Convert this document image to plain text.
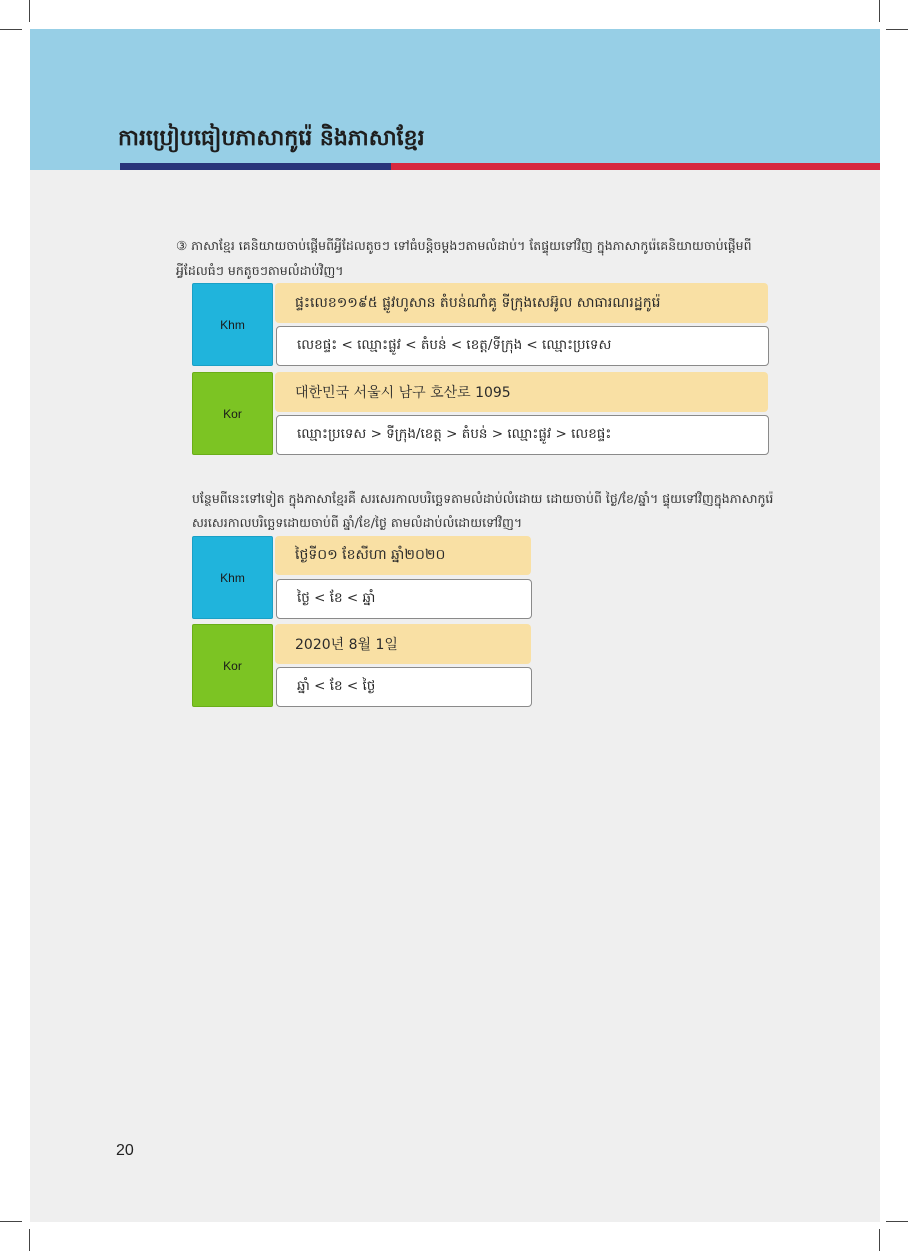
ការប្រៀបធៀបភាសាកូរ៉េ និងភាសាខ្មែរ
③ ភាសាខ្មែរ គេនិយាយចាប់ផ្ដើមពីអ្វីដែលតូចៗ ទៅធំបន្តិចម្ដងៗតាមលំដាប់។ តែផ្ទុយទៅវិញ ក្នុងភាសាកូរ៉េគេនិយាយចាប់ផ្ដើមពី
អ្វីដែលធំៗ មកតូចៗតាមលំដាប់វិញ។
Khm
ផ្ទះលេខ១១៩៥ ផ្លូវហូសាន តំបន់ណាំគូ ទីក្រុងសេអ៊ូល សាធារណរដ្ឋកូរ៉េ
លេខផ្ទះ < ឈ្មោះផ្លូវ < តំបន់ < ខេត្ត/ទីក្រុង < ឈ្មោះប្រទេស
Kor
대한민국 서울시 남구 호산로 1095
ឈ្មោះប្រទេស > ទីក្រុង/ខេត្ត > តំបន់ > ឈ្មោះផ្លូវ > លេខផ្ទះ
បន្ថែមពីនេះទៅទៀត ក្នុងភាសាខ្មែរគឺ សរសេរកាលបរិច្ឆេទតាមលំដាប់លំដោយ ដោយចាប់ពី ថ្ងៃ/ខែ/ឆ្នាំ។ ផ្ទុយទៅវិញក្នុងភាសាកូរ៉េ
សរសេរកាលបរិច្ឆេទដោយចាប់ពី ឆ្នាំ/ខែ/ថ្ងៃ តាមលំដាប់លំដោយទៅវិញ។
Khm
ថ្ងៃទី០១ ខែសីហា ឆ្នាំ២០២០
ថ្ងៃ < ខែ < ឆ្នាំ
Kor
2020년 8월 1일
ឆ្នាំ < ខែ < ថ្ងៃ
20
